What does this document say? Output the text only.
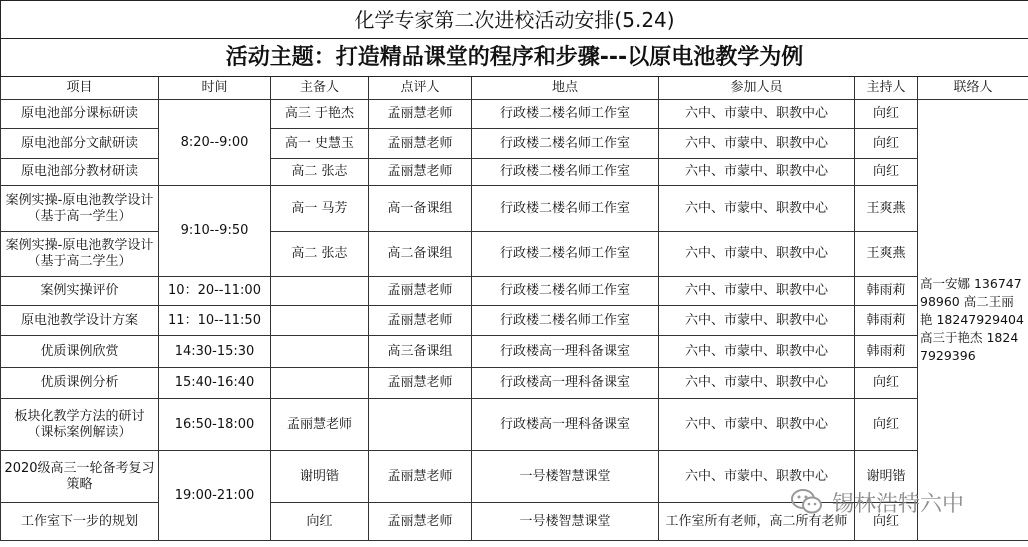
化学专家第二次进校活动安排(5.24)							
活动主题：打造精品课堂的程序和步骤---以原电池教学为例							
项目	时间	主备人	点评人	地点	参加人员	主持人	联络人
原电池部分课标研读	8:20--9:00	高三 于艳杰	孟丽慧老师	行政楼二楼名师工作室	六中、市蒙中、职教中心	向红	高一安娜 13674798960 高二王丽艳 18247929404高三于艳杰 18247929396
原电池部分文献研读		高一 史慧玉	孟丽慧老师	行政楼二楼名师工作室	六中、市蒙中、职教中心	向红	
原电池部分教材研读		高二 张志	孟丽慧老师	行政楼二楼名师工作室	六中、市蒙中、职教中心	向红	
案例实操-原电池教学设计（基于高一学生）	9:10--9:50	高一 马芳	高一备课组	行政楼二楼名师工作室	六中、市蒙中、职教中心	王爽燕	
案例实操-原电池教学设计（基于高二学生）		高二 张志	高二备课组	行政楼二楼名师工作室	六中、市蒙中、职教中心	王爽燕	
案例实操评价	10：20--11:00		孟丽慧老师	行政楼二楼名师工作室	六中、市蒙中、职教中心	韩雨莉	
原电池教学设计方案	11：10--11:50		孟丽慧老师	行政楼二楼名师工作室	六中、市蒙中、职教中心	韩雨莉	
优质课例欣赏	14:30-15:30		高三备课组	行政楼高一理科备课室	六中、市蒙中、职教中心	韩雨莉	
优质课例分析	15:40-16:40		孟丽慧老师	行政楼高一理科备课室	六中、市蒙中、职教中心	向红	
板块化教学方法的研讨（课标案例解读）	16:50-18:00	孟丽慧老师		行政楼高一理科备课室	六中、市蒙中、职教中心	向红	
2020级高三一轮备考复习策略	19:00-21:00	谢明锴	孟丽慧老师	一号楼智慧课堂	六中、市蒙中、职教中心	谢明锴	
工作室下一步的规划		向红	孟丽慧老师	一号楼智慧课堂	工作室所有老师，高二所有老师	向红	
锡林浩特六中
